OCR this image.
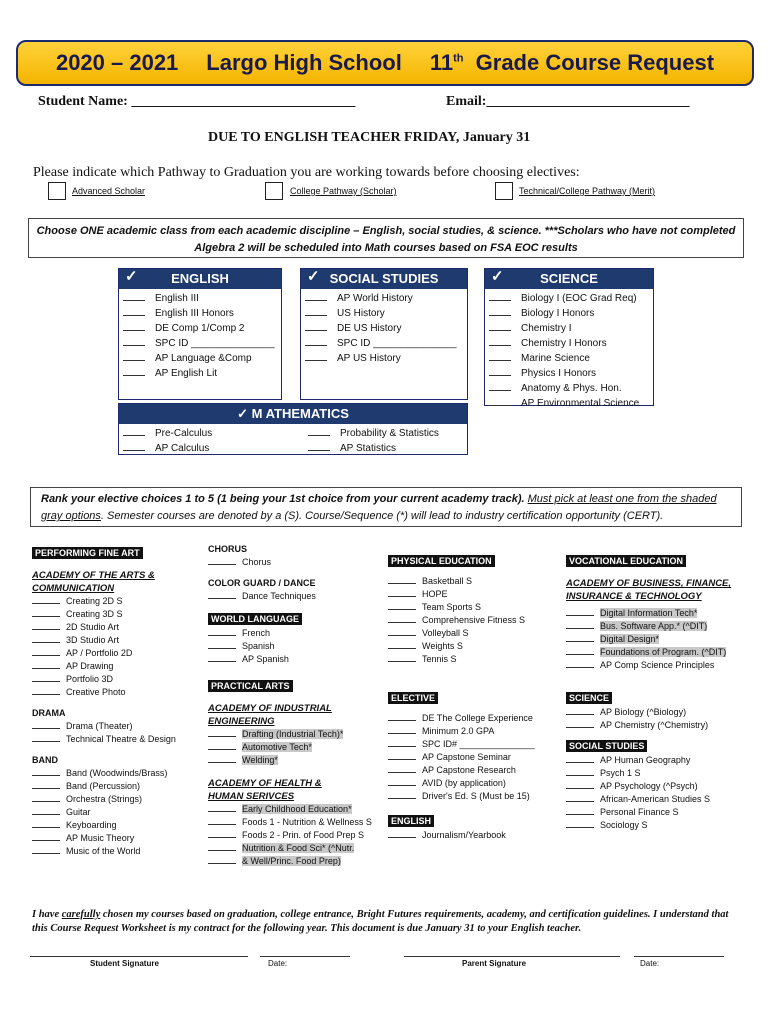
2020 – 2021 Largo High School 11th Grade Course Request
Student Name: ________________________________	Email:_____________________________
DUE TO ENGLISH TEACHER FRIDAY, January 31
Please indicate which Pathway to Graduation you are working towards before choosing electives:
Advanced Scholar	College Pathway (Scholar)	Technical/College Pathway (Merit)
Choose ONE academic class from each academic discipline – English, social studies, & science. ***Scholars who have not completed Algebra 2 will be scheduled into Math courses based on FSA EOC results
✓	ENGLISH
English III
English III Honors
DE Comp 1/Comp 2
SPC ID _______________
AP Language &Comp
AP English Lit
✓ SOCIAL STUDIES
AP World History
US History
DE US History
SPC ID _______________
AP US History
✓	SCIENCE
Biology I (EOC Grad Req)
Biology I Honors
Chemistry I
Chemistry I Honors
Marine Science
Physics I Honors
Anatomy & Phys. Hon.
AP Environmental Science
✓ M ATHEMATICS
Pre-Calculus
AP Calculus
Probability & Statistics
AP Statistics
Rank your elective choices 1 to 5 (1 being your 1st choice from your current academy track). Must pick at least one from the shaded gray options. Semester courses are denoted by a (S). Course/Sequence (*) will lead to industry certification opportunity (CERT).
PERFORMING FINE ART
ACADEMY OF THE ARTS & COMMUNICATION
Creating 2D S
Creating 3D S
2D Studio Art
3D Studio Art
AP / Portfolio 2D
AP Drawing
Portfolio 3D
Creative Photo
DRAMA
Drama (Theater)
Technical Theatre & Design
BAND
Band (Woodwinds/Brass)
Band (Percussion)
Orchestra (Strings)
Guitar
Keyboarding
AP Music Theory
Music of the World
CHORUS
Chorus
COLOR GUARD / DANCE
Dance Techniques
WORLD LANGUAGE
French
Spanish
AP Spanish
PRACTICAL ARTS
ACADEMY OF INDUSTRIAL ENGINEERING
Drafting (Industrial Tech)*
Automotive Tech*
Welding*
ACADEMY OF HEALTH & HUMAN SERIVCES
Early Childhood Education*
Foods 1 - Nutrition & Wellness S
Foods 2 - Prin. of Food Prep S
Nutrition & Food Sci* (^Nutr.
& Well/Princ. Food Prep)
PHYSICAL EDUCATION
Basketball S
HOPE
Team Sports S
Comprehensive Fitness S
Volleyball S
Weights S
Tennis S
ELECTIVE
DE The College Experience
Minimum 2.0 GPA
SPC ID# _______________
AP Capstone Seminar
AP Capstone Research
AVID (by application)
Driver's Ed. S (Must be 15)
ENGLISH
Journalism/Yearbook
VOCATIONAL EDUCATION
ACADEMY OF BUSINESS, FINANCE, INSURANCE & TECHNOLOGY
Digital Information Tech*
Bus. Software App.* (^DIT)
Digital Design*
Foundations of Program. (^DIT)
AP Comp Science Principles
SCIENCE
AP Biology (^Biology)
AP Chemistry (^Chemistry)
SOCIAL STUDIES
AP Human Geography
Psych 1 S
AP Psychology (^Psych)
African-American Studies S
Personal Finance S
Sociology S
I have carefully chosen my courses based on graduation, college entrance, Bright Futures requirements, academy, and certification guidelines. I understand that this Course Request Worksheet is my contract for the following year. This document is due January 31 to your English teacher.
Student Signature	Date:	Parent Signature	Date:
